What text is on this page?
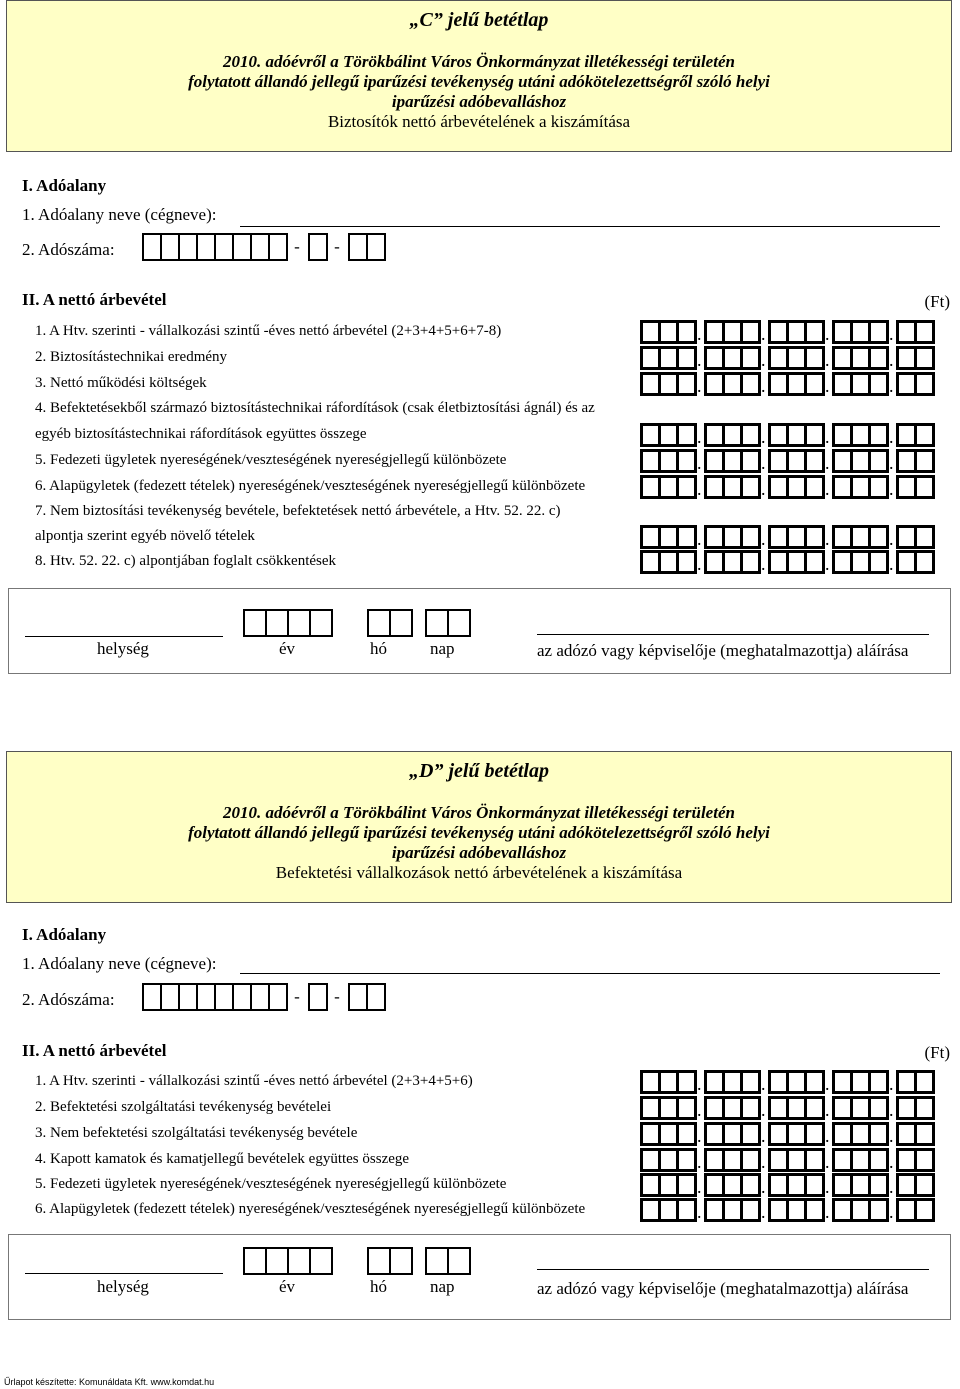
„C” jelű betétlap
2010. adóévről a Törökbálint Város Önkormányzat illetékességi területén
folytatott állandó jellegű iparűzési tevékenység utáni adókötelezettségről szóló helyi
iparűzési adóbevalláshoz
Biztosítók nettó árbevételének a kiszámítása
I. Adóalany
1. Adóalany neve (cégneve):
2. Adószáma:	-	-
II. A nettó árbevétel	(Ft)
1. A Htv. szerinti - vállalkozási szintű -éves nettó árbevétel (2+3+4+5+6+7-8)
.
.
.
.
2. Biztosítástechnikai eredmény
.
.
.
.
3. Nettó működési költségek
.
.
.
.
4. Befektetésekből származó biztosítástechnikai ráfordítások (csak életbiztosítási ágnál) és az
egyéb biztosítástechnikai ráfordítások együttes összege
.
.
.
.
5. Fedezeti ügyletek nyereségének/veszteségének nyereségjellegű különbözete
.
.
.
.
6. Alapügyletek (fedezett tételek) nyereségének/veszteségének nyereségjellegű különbözete
.
.
.
.
7. Nem biztosítási tevékenység bevétele, befektetések nettó árbevétele, a Htv. 52. 22. c)
alpontja szerint egyéb növelő tételek
.
.
.
.
8. Htv. 52. 22. c) alpontjában foglalt csökkentések
.
.
.
.
helység	év	hó	nap	az adózó vagy képviselője (meghatalmazottja) aláírása
„D” jelű betétlap
2010. adóévről a Törökbálint Város Önkormányzat illetékességi területén
folytatott állandó jellegű iparűzési tevékenység utáni adókötelezettségről szóló helyi
iparűzési adóbevalláshoz
Befektetési vállalkozások nettó árbevételének a kiszámítása
I. Adóalany
1. Adóalany neve (cégneve):
2. Adószáma:	-	-
II. A nettó árbevétel	(Ft)
1. A Htv. szerinti - vállalkozási szintű -éves nettó árbevétel (2+3+4+5+6)
.
.
.
.
2. Befektetési szolgáltatási tevékenység bevételei
.
.
.
.
3. Nem befektetési szolgáltatási tevékenység bevétele
.
.
.
.
4. Kapott kamatok és kamatjellegű bevételek együttes összege
.
.
.
.
5. Fedezeti ügyletek nyereségének/veszteségének nyereségjellegű különbözete
.
.
.
.
6. Alapügyletek (fedezett tételek) nyereségének/veszteségének nyereségjellegű különbözete
.
.
.
.
helység	év	hó	nap	az adózó vagy képviselője (meghatalmazottja) aláírása
Űrlapot készítette: Komunáldata Kft. www.komdat.hu
